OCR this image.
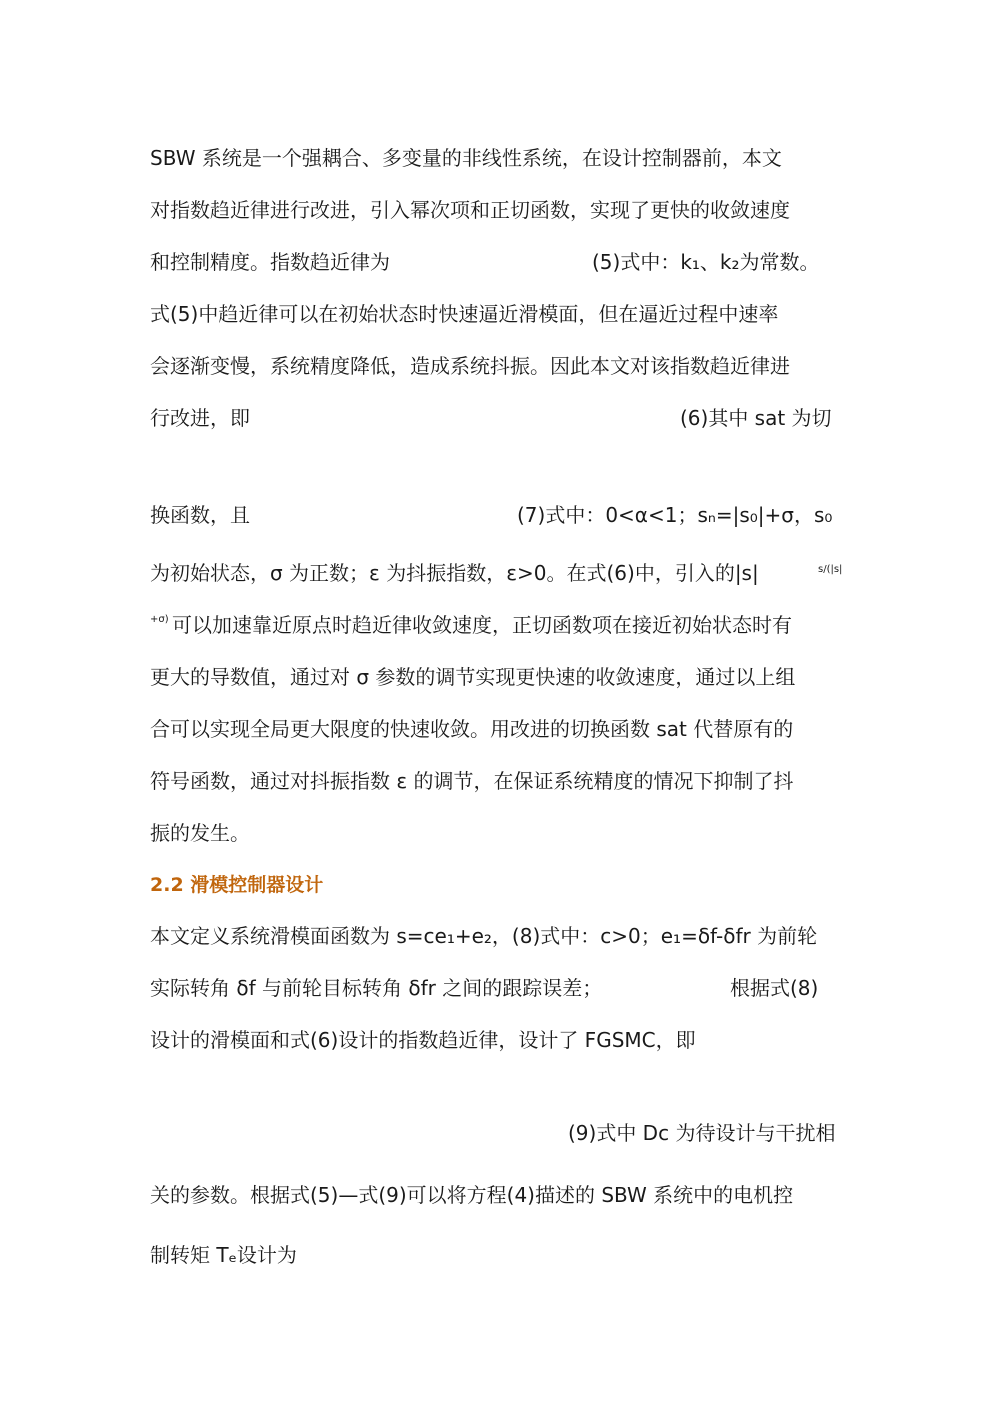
SBW 系统是一个强耦合、多变量的非线性系统，在设计控制器前，本文
对指数趋近律进行改进，引入幂次项和正切函数，实现了更快的收敛速度
和控制精度。指数趋近律为	(5)式中：k₁、k₂为常数。
式(5)中趋近律可以在初始状态时快速逼近滑模面，但在逼近过程中速率
会逐渐变慢，系统精度降低，造成系统抖振。因此本文对该指数趋近律进
行改进，即	(6)其中 sat 为切
换函数，且	(7)式中：0<α<1；sₙ=|s₀|+σ，s₀
为初始状态，σ 为正数；ε 为抖振指数，ε>0。在式(6)中，引入的|s|	s/(|s|
+σ) 可以加速靠近原点时趋近律收敛速度，正切函数项在接近初始状态时有
更大的导数值，通过对 σ 参数的调节实现更快速的收敛速度，通过以上组
合可以实现全局更大限度的快速收敛。用改进的切换函数 sat 代替原有的
符号函数，通过对抖振指数 ε 的调节，在保证系统精度的情况下抑制了抖
振的发生。
2.2 滑模控制器设计
本文定义系统滑模面函数为 s=ce₁+e₂，(8)式中：c>0；e₁=δf-δfr 为前轮
实际转角 δf 与前轮目标转角 δfr 之间的跟踪误差；	根据式(8)
设计的滑模面和式(6)设计的指数趋近律，设计了 FGSMC，即
(9)式中 Dc 为待设计与干扰相
关的参数。根据式(5)—式(9)可以将方程(4)描述的 SBW 系统中的电机控
制转矩 Tₑ设计为
